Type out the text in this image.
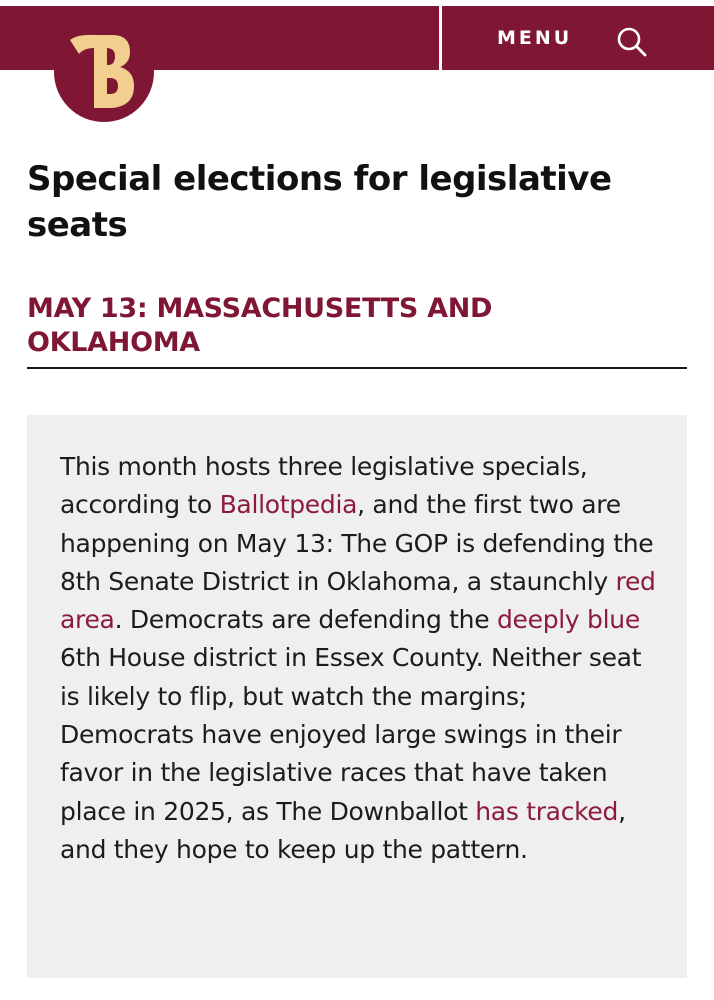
MENU
Special elections for legislative seats
MAY 13: MASSACHUSETTS AND OKLAHOMA

This month hosts three legislative specials, according to Ballotpedia, and the first two are happening on May 13: The GOP is defending the 8th Senate District in Oklahoma, a staunchly red area. Democrats are defending the deeply blue 6th House district in Essex County. Neither seat is likely to flip, but watch the margins; Democrats have enjoyed large swings in their favor in the legislative races that have taken place in 2025, as The Downballot has tracked, and they hope to keep up the pattern.
